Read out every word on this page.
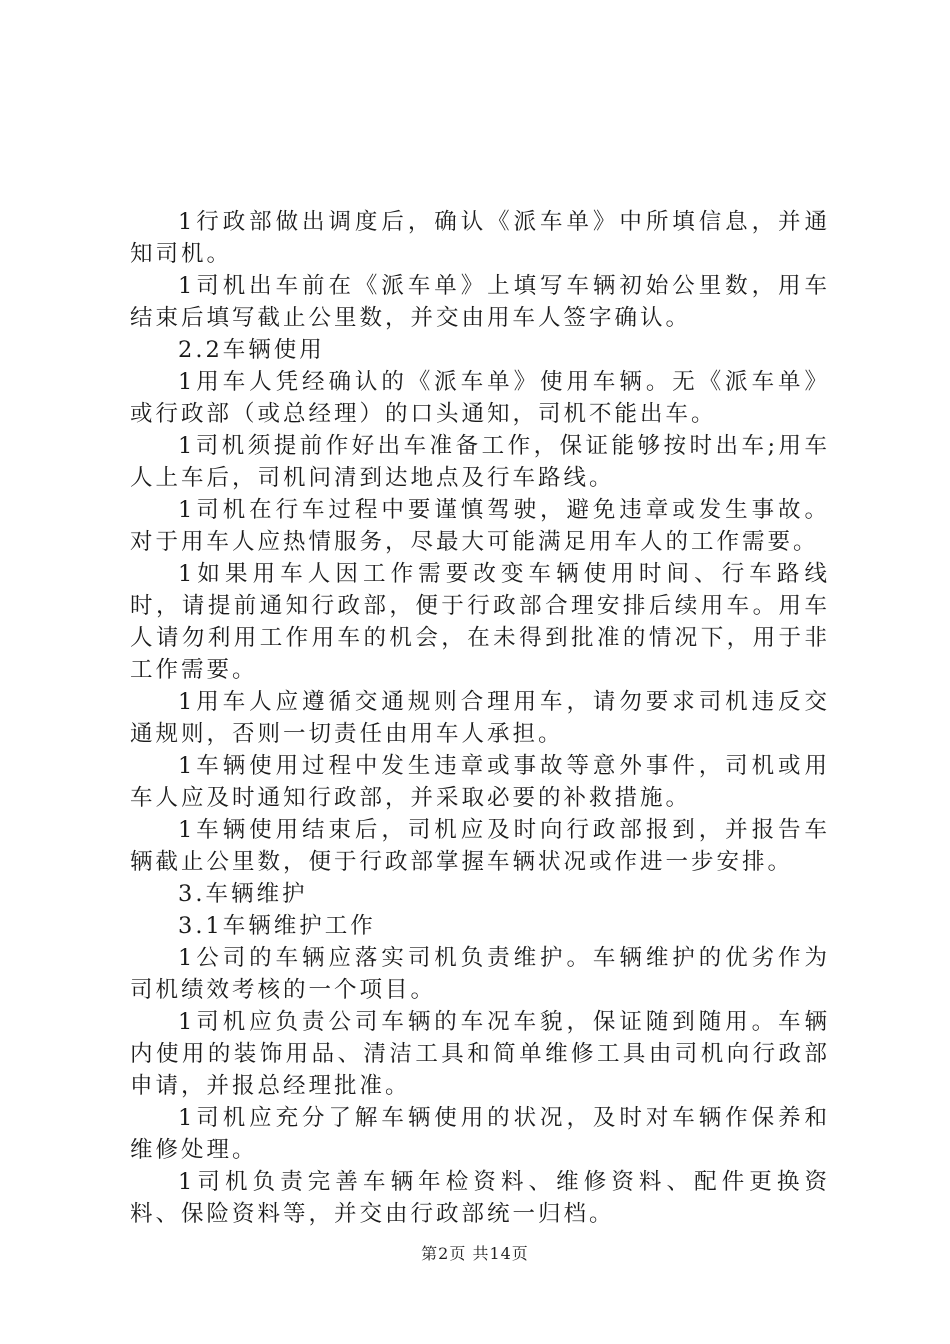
1行政部做出调度后，确认《派车单》中所填信息，并通知司机。

1司机出车前在《派车单》上填写车辆初始公里数，用车结束后填写截止公里数，并交由用车人签字确认。

2.2车辆使用

1用车人凭经确认的《派车单》使用车辆。无《派车单》或行政部（或总经理）的口头通知，司机不能出车。

1司机须提前作好出车准备工作，保证能够按时出车;用车人上车后，司机问清到达地点及行车路线。

1司机在行车过程中要谨慎驾驶，避免违章或发生事故。对于用车人应热情服务，尽最大可能满足用车人的工作需要。

1如果用车人因工作需要改变车辆使用时间、行车路线时，请提前通知行政部，便于行政部合理安排后续用车。用车人请勿利用工作用车的机会，在未得到批准的情况下，用于非工作需要。

1用车人应遵循交通规则合理用车，请勿要求司机违反交通规则，否则一切责任由用车人承担。

1车辆使用过程中发生违章或事故等意外事件，司机或用车人应及时通知行政部，并采取必要的补救措施。

1车辆使用结束后，司机应及时向行政部报到，并报告车辆截止公里数，便于行政部掌握车辆状况或作进一步安排。

3.车辆维护

3.1车辆维护工作

1公司的车辆应落实司机负责维护。车辆维护的优劣作为司机绩效考核的一个项目。

1司机应负责公司车辆的车况车貌，保证随到随用。车辆内使用的装饰用品、清洁工具和简单维修工具由司机向行政部申请，并报总经理批准。

1司机应充分了解车辆使用的状况，及时对车辆作保养和维修处理。

1司机负责完善车辆年检资料、维修资料、配件更换资料、保险资料等，并交由行政部统一归档。

第2页 共14页
